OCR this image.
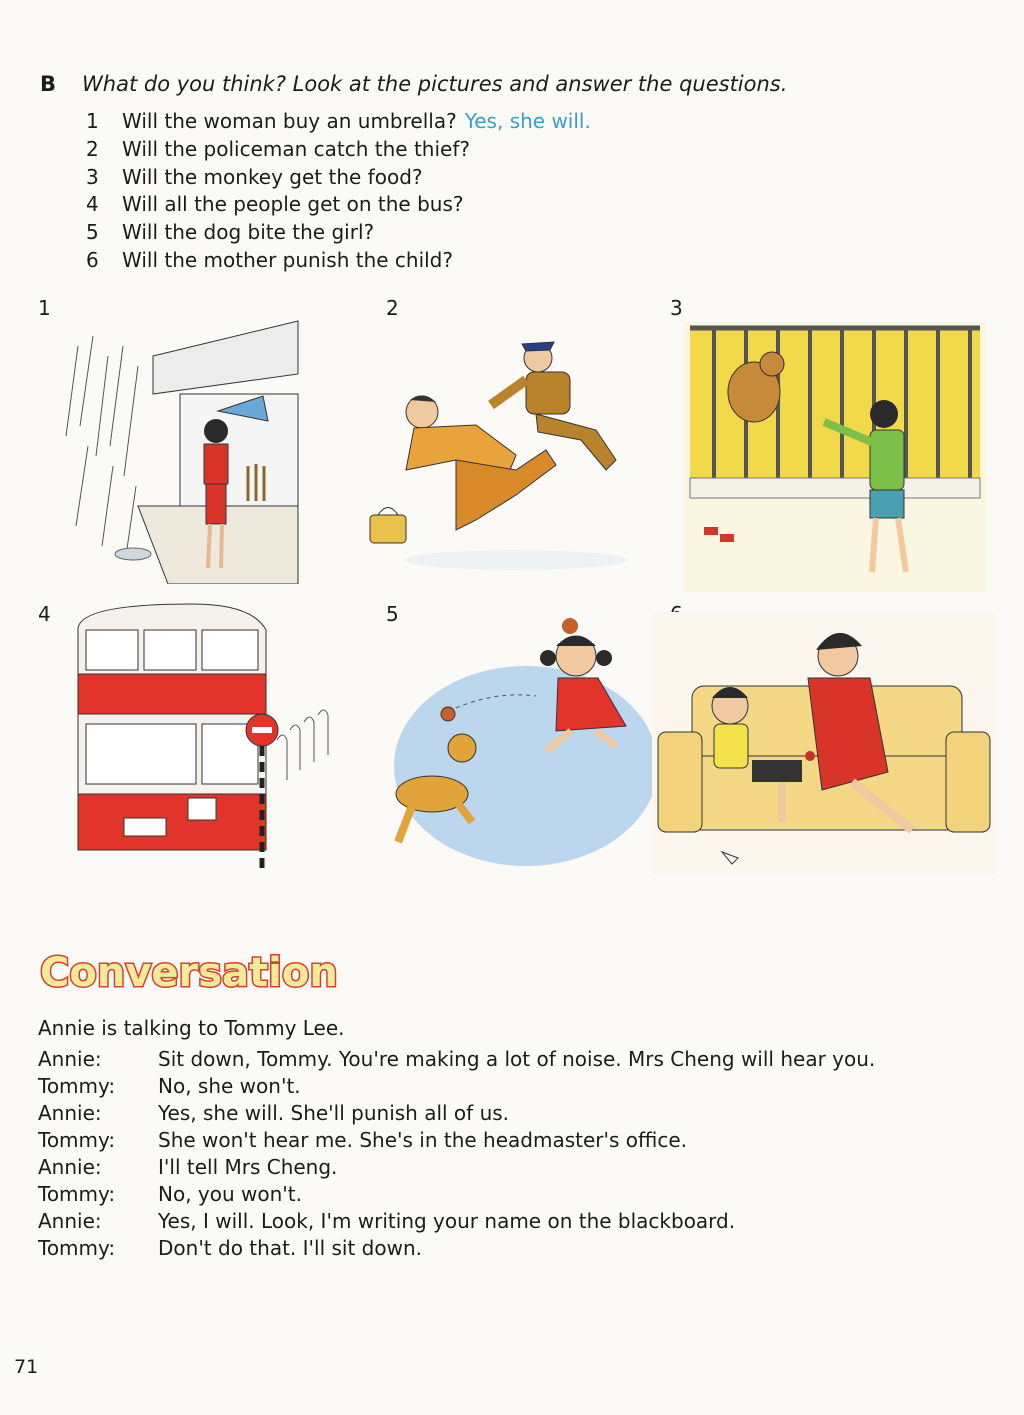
B What do you think? Look at the pictures and answer the questions.
1	Will the woman buy an umbrella? Yes, she will.
2	Will the policeman catch the thief?
3	Will the monkey get the food?
4	Will all the people get on the bus?
5	Will the dog bite the girl?
6	Will the mother punish the child?
1	2	3
4	5
Conversation
Annie is talking to Tommy Lee.
Annie:	Sit down, Tommy. You're making a lot of noise. Mrs Cheng will hear you.
Tommy:	No, she won't.
Annie:	Yes, she will. She'll punish all of us.
Tommy:	She won't hear me. She's in the headmaster's office.
Annie:	I'll tell Mrs Cheng.
Tommy:	No, you won't.
Annie:	Yes, I will. Look, I'm writing your name on the blackboard.
Tommy:	Don't do that. I'll sit down.
71
